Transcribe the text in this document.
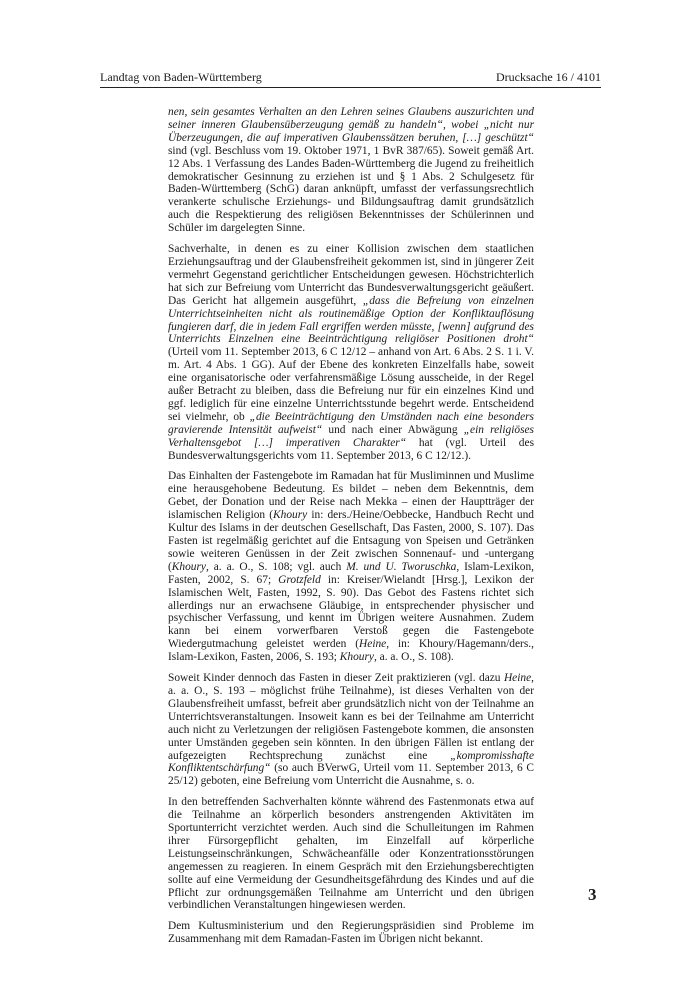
Landtag von Baden-Württemberg	Drucksache 16 / 4101

nen, sein gesamtes Verhalten an den Lehren seines Glaubens auszurichten und seiner inneren Glaubensüberzeugung gemäß zu handeln“, wobei „nicht nur Überzeugungen, die auf imperativen Glaubenssätzen beruhen, […] geschützt“ sind (vgl. Beschluss vom 19. Oktober 1971, 1 BvR 387/65). Soweit gemäß Art. 12 Abs. 1 Verfassung des Landes Baden-Württemberg die Jugend zu freiheitlich demokratischer Gesinnung zu erziehen ist und § 1 Abs. 2 Schulgesetz für Baden-Württemberg (SchG) daran anknüpft, umfasst der verfassungsrechtlich verankerte schulische Erziehungs- und Bildungsauftrag damit grundsätzlich auch die Respektierung des religiösen Bekenntnisses der Schülerinnen und Schüler im dargelegten Sinne.

Sachverhalte, in denen es zu einer Kollision zwischen dem staatlichen Erziehungsauftrag und der Glaubensfreiheit gekommen ist, sind in jüngerer Zeit vermehrt Gegenstand gerichtlicher Entscheidungen gewesen. Höchstrichterlich hat sich zur Befreiung vom Unterricht das Bundesverwaltungsgericht geäußert. Das Gericht hat allgemein ausgeführt, „dass die Befreiung von einzelnen Unterrichtseinheiten nicht als routinemäßige Option der Konfliktauflösung fungieren darf, die in jedem Fall ergriffen werden müsste, [wenn] aufgrund des Unterrichts Einzelnen eine Beeinträchtigung religiöser Positionen droht“ (Urteil vom 11. September 2013, 6 C 12/12 – anhand von Art. 6 Abs. 2 S. 1 i. V. m. Art. 4 Abs. 1 GG). Auf der Ebene des konkreten Einzelfalls habe, soweit eine organisatorische oder verfahrensmäßige Lösung ausscheide, in der Regel außer Betracht zu bleiben, dass die Befreiung nur für ein einzelnes Kind und ggf. lediglich für eine einzelne Unterrichtsstunde begehrt werde. Entscheidend sei vielmehr, ob „die Beeinträchtigung den Umständen nach eine besonders gravierende Intensität aufweist“ und nach einer Abwägung „ein religiöses Verhaltensgebot […] imperativen Charakter“ hat (vgl. Urteil des Bundesverwaltungsgerichts vom 11. September 2013, 6 C 12/12.).

Das Einhalten der Fastengebote im Ramadan hat für Musliminnen und Muslime eine herausgehobene Bedeutung. Es bildet – neben dem Bekenntnis, dem Gebet, der Donation und der Reise nach Mekka – einen der Hauptträger der islamischen Religion (Khoury in: ders./Heine/Oebbecke, Handbuch Recht und Kultur des Islams in der deutschen Gesellschaft, Das Fasten, 2000, S. 107). Das Fasten ist regelmäßig gerichtet auf die Entsagung von Speisen und Getränken sowie weiteren Genüssen in der Zeit zwischen Sonnenauf- und -untergang (Khoury, a. a. O., S. 108; vgl. auch M. und U. Tworuschka, Islam-Lexikon, Fasten, 2002, S. 67; Grotzfeld in: Kreiser/Wielandt [Hrsg.], Lexikon der Islamischen Welt, Fasten, 1992, S. 90). Das Gebot des Fastens richtet sich allerdings nur an erwachsene Gläubige, in entsprechender physischer und psychischer Verfassung, und kennt im Übrigen weitere Ausnahmen. Zudem kann bei einem vorwerfbaren Verstoß gegen die Fastengebote Wiedergutmachung geleistet werden (Heine, in: Khoury/Hagemann/ders., Islam-Lexikon, Fasten, 2006, S. 193; Khoury, a. a. O., S. 108).

Soweit Kinder dennoch das Fasten in dieser Zeit praktizieren (vgl. dazu Heine, a. a. O., S. 193 – möglichst frühe Teilnahme), ist dieses Verhalten von der Glaubensfreiheit umfasst, befreit aber grundsätzlich nicht von der Teilnahme an Unterrichtsveranstaltungen. Insoweit kann es bei der Teilnahme am Unterricht auch nicht zu Verletzungen der religiösen Fastengebote kommen, die ansonsten unter Umständen gegeben sein könnten. In den übrigen Fällen ist entlang der aufgezeigten Rechtsprechung zunächst eine „kompromisshafte Konfliktentschärfung“ (so auch BVerwG, Urteil vom 11. September 2013, 6 C 25/12) geboten, eine Befreiung vom Unterricht die Ausnahme, s. o.

In den betreffenden Sachverhalten könnte während des Fastenmonats etwa auf die Teilnahme an körperlich besonders anstrengenden Aktivitäten im Sportunterricht verzichtet werden. Auch sind die Schulleitungen im Rahmen ihrer Fürsorgepflicht gehalten, im Einzelfall auf körperliche Leistungseinschränkungen, Schwächeanfälle oder Konzentrationsstörungen angemessen zu reagieren. In einem Gespräch mit den Erziehungsberechtigten sollte auf eine Vermeidung der Gesundheitsgefährdung des Kindes und auf die Pflicht zur ordnungsgemäßen Teilnahme am Unterricht und den übrigen verbindlichen Veranstaltungen hingewiesen werden.

Dem Kultusministerium und den Regierungspräsidien sind Probleme im Zusammenhang mit dem Ramadan-Fasten im Übrigen nicht bekannt.

3
